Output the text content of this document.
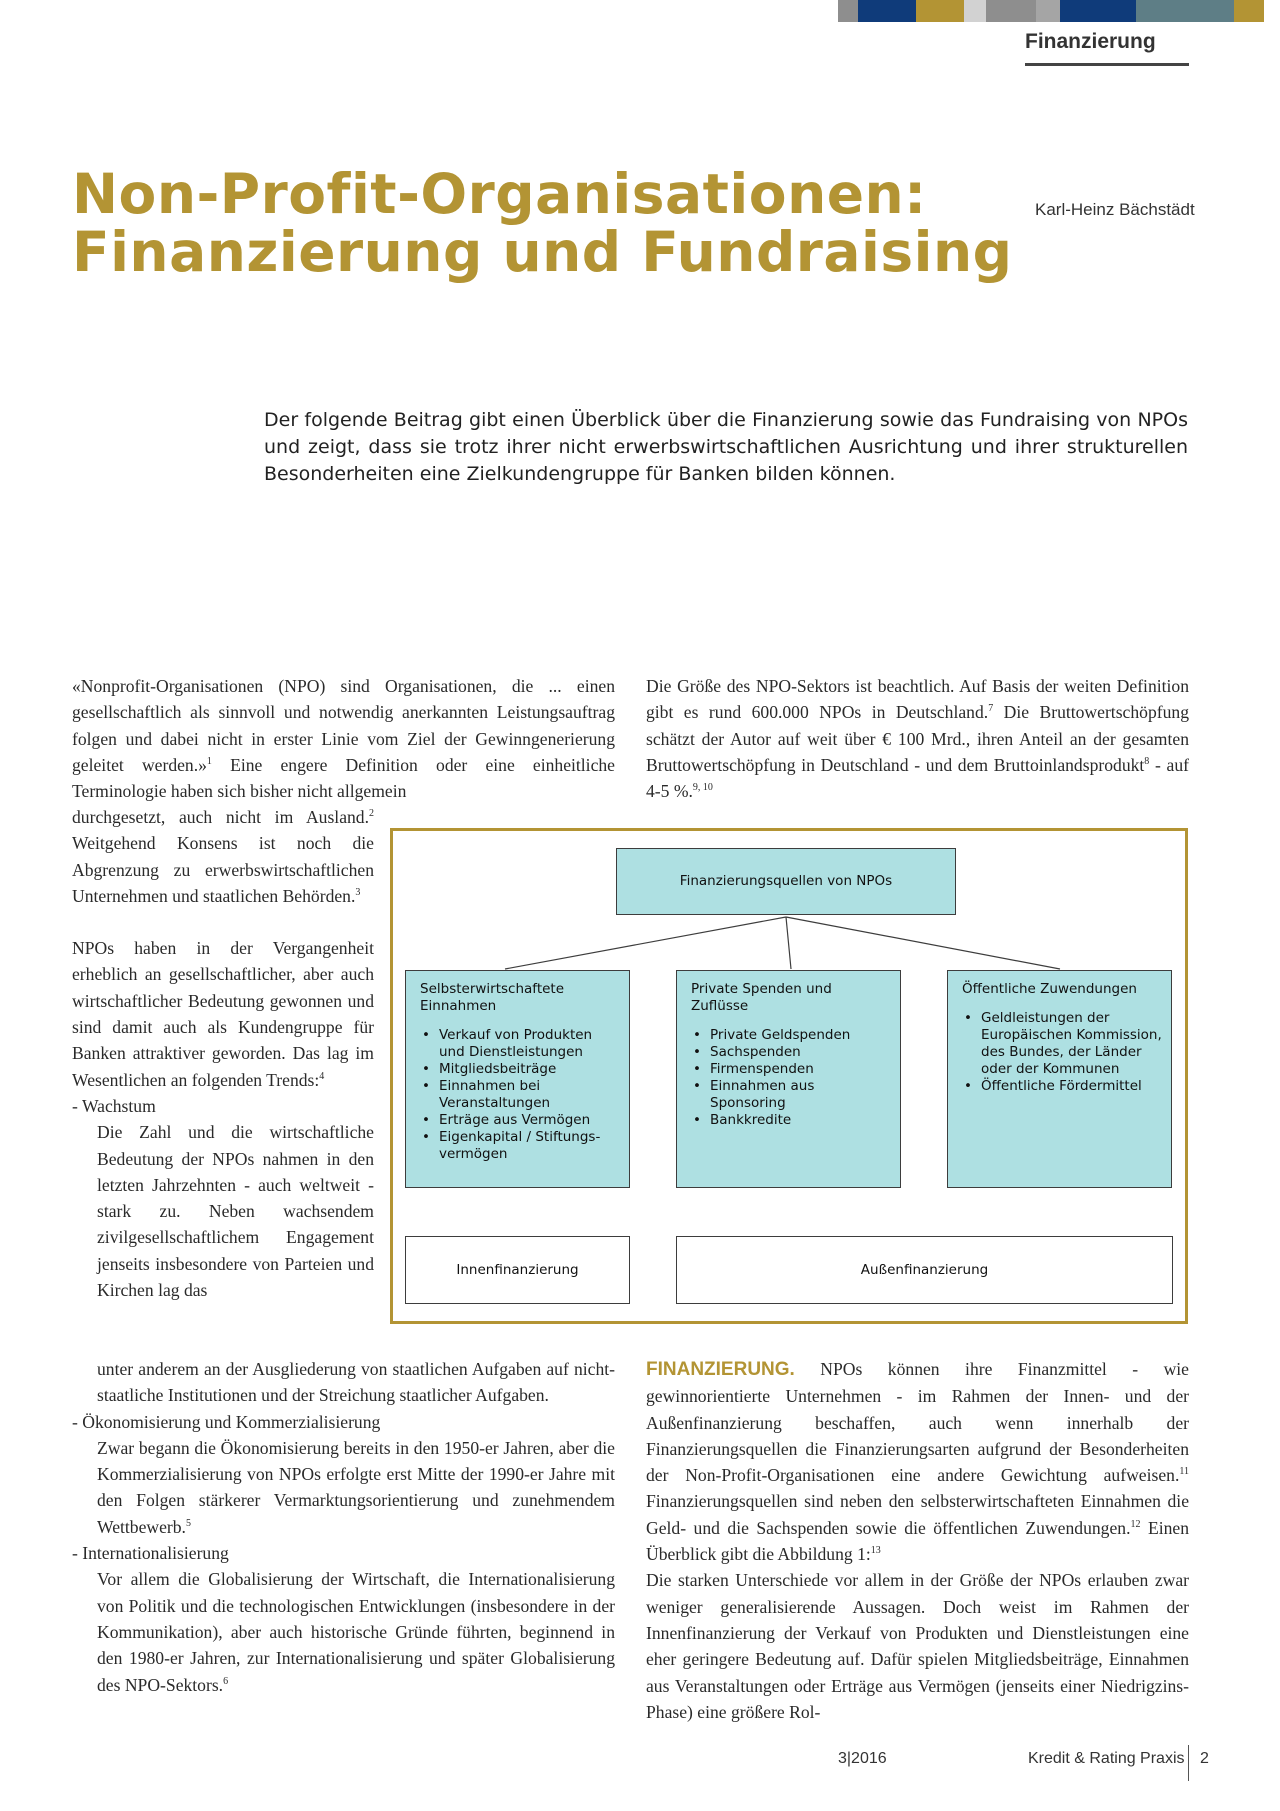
Finanzierung
Non-Profit-Organisationen:
Finanzierung und Fundraising
Karl-Heinz Bächstädt

Der folgende Beitrag gibt einen Überblick über die Finanzierung sowie das Fundraising von NPOs und zeigt, dass sie trotz ihrer nicht erwerbswirtschaftlichen Ausrichtung und ihrer strukturellen Besonderheiten eine Zielkundengruppe für Banken bilden können.

«Nonprofit-Organisationen (NPO) sind Organisationen, die ... einen gesellschaftlich als sinnvoll und notwendig anerkannten Leistungsauftrag folgen und dabei nicht in erster Linie vom Ziel der Gewinngenerierung geleitet werden.»$^1$ Eine engere Definition oder eine einheitliche Terminologie haben sich bisher nicht allgemein

durchgesetzt, auch nicht im Ausland.$^2$ Weitgehend Konsens ist noch die Abgrenzung zu erwerbswirtschaftlichen Unternehmen und staatlichen Behörden.$^3$

NPOs haben in der Vergangenheit erheblich an gesellschaftlicher, aber auch wirtschaftlicher Bedeutung gewonnen und sind damit auch als Kundengruppe für Banken attraktiver geworden. Das lag im Wesentlichen an folgenden Trends:$^4$

- Wachstum

Die Zahl und die wirtschaftliche Bedeutung der NPOs nahmen in den letzten Jahrzehnten - auch weltweit - stark zu. Neben wachsendem zivilgesellschaftlichem Engagement jenseits insbesondere von Parteien und Kirchen lag das

unter anderem an der Ausgliederung von staatlichen Aufgaben auf nicht-staatliche Institutionen und der Streichung staatlicher Aufgaben.

- Ökonomisierung und Kommerzialisierung

Zwar begann die Ökonomisierung bereits in den 1950-er Jahren, aber die Kommerzialisierung von NPOs erfolgte erst Mitte der 1990-er Jahre mit den Folgen stärkerer Vermarktungsorientierung und zunehmendem Wettbewerb.$^5$

- Internationalisierung

Vor allem die Globalisierung der Wirtschaft, die Internationalisierung von Politik und die technologischen Entwicklungen (insbesondere in der Kommunikation), aber auch historische Gründe führten, beginnend in den 1980-er Jahren, zur Internationalisierung und später Globalisierung des NPO-Sektors.$^6$

Die Größe des NPO-Sektors ist beachtlich. Auf Basis der weiten Definition gibt es rund 600.000 NPOs in Deutschland.$^7$ Die Bruttowertschöpfung schätzt der Autor auf weit über € 100 Mrd., ihren Anteil an der gesamten Bruttowertschöpfung in Deutschland - und dem Bruttoinlandsprodukt$^8$ - auf 4-5 %.$^{9, 10}$

FINANZIERUNG. NPOs können ihre Finanzmittel - wie gewinnorientierte Unternehmen - im Rahmen der Innen- und der Außenfinanzierung beschaffen, auch wenn innerhalb der Finanzierungsquellen die Finanzierungsarten aufgrund der Besonderheiten der Non-Profit-Organisationen eine andere Gewichtung aufweisen.$^{11}$ Finanzierungsquellen sind neben den selbsterwirtschafteten Einnahmen die Geld- und die Sachspenden sowie die öffentlichen Zuwendungen.$^{12}$ Einen Überblick gibt die Abbildung 1:$^{13}$

Die starken Unterschiede vor allem in der Größe der NPOs erlauben zwar weniger generalisierende Aussagen. Doch weist im Rahmen der Innenfinanzierung der Verkauf von Produkten und Dienstleistungen eine eher geringere Bedeutung auf. Dafür spielen Mitgliedsbeiträge, Einnahmen aus Veranstaltungen oder Erträge aus Vermögen (jenseits einer Niedrigzins-Phase) eine größere Rol-

Finanzierungsquellen von NPOs
Selbsterwirtschaftete Einnahmen
• Verkauf von Produkten und Dienstleistungen
• Mitgliedsbeiträge
• Einnahmen bei Veranstaltungen
• Erträge aus Vermögen
• Eigenkapital / Stiftungs-vermögen
Private Spenden und Zuflüsse
• Private Geldspenden
• Sachspenden
• Firmenspenden
• Einnahmen aus Sponsoring
• Bankkredite
Öffentliche Zuwendungen
• Geldleistungen der Europäischen Kommission, des Bundes, der Länder oder der Kommunen
• Öffentliche Fördermittel
Innenfinanzierung	Außenfinanzierung
3|2016	Kredit & Rating Praxis 2
